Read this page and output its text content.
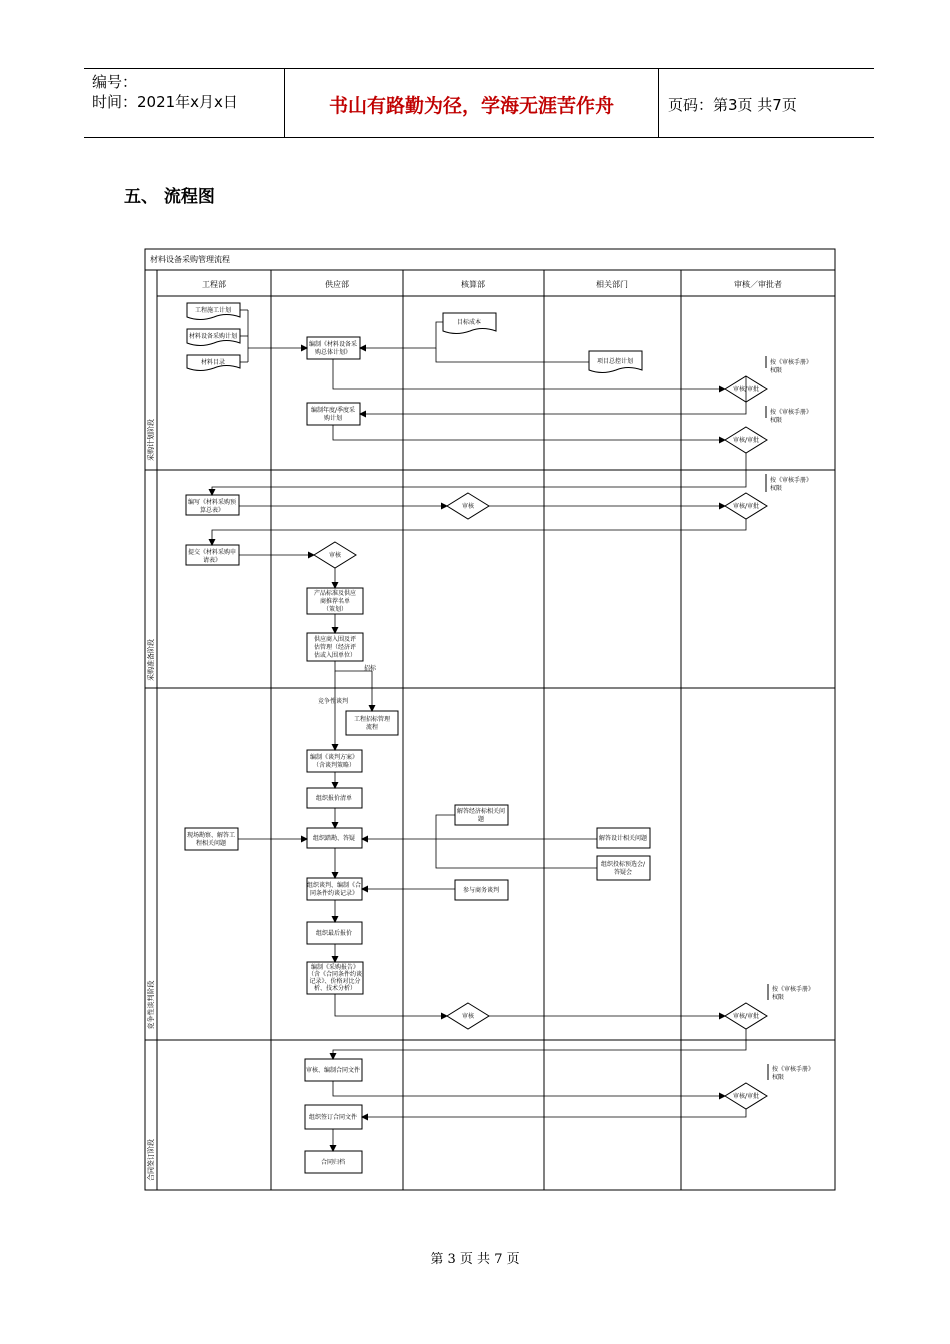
编号：
时间：2021年x月x日	书山有路勤为径，学海无涯苦作舟	页码：第3页 共7页
五、 流程图
材料设备采购管理流程
工程部	供应部	核算部	相关部门	审核／审批者
采购计划阶段
采购准备阶段
竞争性谈判阶段
合同签订阶段
工程施工计划
材料设备采购计划
材料目录
编制《材料设备采
购总体计划》
目标成本
项目总控计划
编制年度/季度采
购计划
编写《材料采购预
算总表》
提交《材料采购申
请表》
产品标准及供应
商推荐名单
（策划）
供应商入围及评
估管理（经济评
估或入围单位）
工程招标管理
流程
编制《谈判方案》
（含谈判策略）
组织报价清单
现场勘察、解答工
程相关问题
组织踏勘、答疑
解答经济标相关问
题
解答设计相关问题
组织投标预选会/
答疑会
组织谈判、编制《合
同条件约谈记录》	参与商务谈判
组织最后报价
编制《采购报告》
（含《合同条件约谈
记录》、价格对比分
析、技术分析）
审核、编制合同文件
组织签订合同文件
合同归档
审核/审批
审核/审批
审核/审批
审核
审核
审核	审核/审批
审核/审批
招标
竞争性谈判
按《审核手册》
权限
按《审核手册》
权限
按《审核手册》
权限
按《审核手册》
权限
按《审核手册》
权限
第 3 页 共 7 页
